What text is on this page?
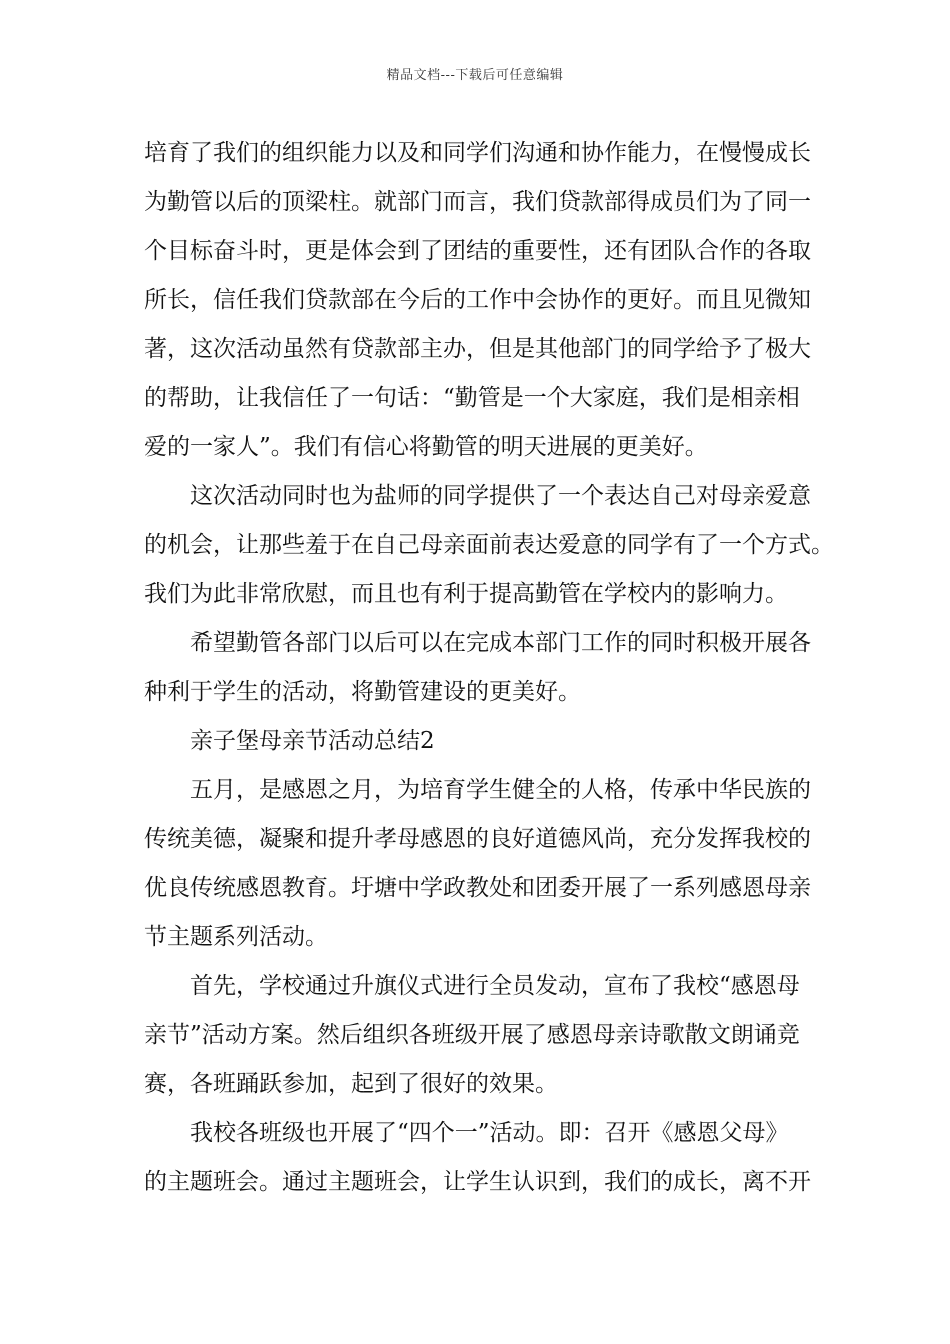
精品文档---下载后可任意编辑
培育了我们的组织能力以及和同学们沟通和协作能力，在慢慢成长
为勤管以后的顶梁柱。就部门而言，我们贷款部得成员们为了同一
个目标奋斗时，更是体会到了团结的重要性，还有团队合作的各取
所长，信任我们贷款部在今后的工作中会协作的更好。而且见微知
著，这次活动虽然有贷款部主办，但是其他部门的同学给予了极大
的帮助，让我信任了一句话：“勤管是一个大家庭，我们是相亲相
爱的一家人”。我们有信心将勤管的明天进展的更美好。
这次活动同时也为盐师的同学提供了一个表达自己对母亲爱意
的机会，让那些羞于在自己母亲面前表达爱意的同学有了一个方式。
我们为此非常欣慰，而且也有利于提高勤管在学校内的影响力。
希望勤管各部门以后可以在完成本部门工作的同时积极开展各
种利于学生的活动，将勤管建设的更美好。
亲子堡母亲节活动总结2
五月，是感恩之月，为培育学生健全的人格，传承中华民族的
传统美德，凝聚和提升孝母感恩的良好道德风尚，充分发挥我校的
优良传统感恩教育。圩塘中学政教处和团委开展了一系列感恩母亲
节主题系列活动。
首先，学校通过升旗仪式进行全员发动，宣布了我校“感恩母
亲节”活动方案。然后组织各班级开展了感恩母亲诗歌散文朗诵竞
赛，各班踊跃参加，起到了很好的效果。
我校各班级也开展了“四个一”活动。即：召开《感恩父母》
的主题班会。通过主题班会，让学生认识到，我们的成长，离不开
